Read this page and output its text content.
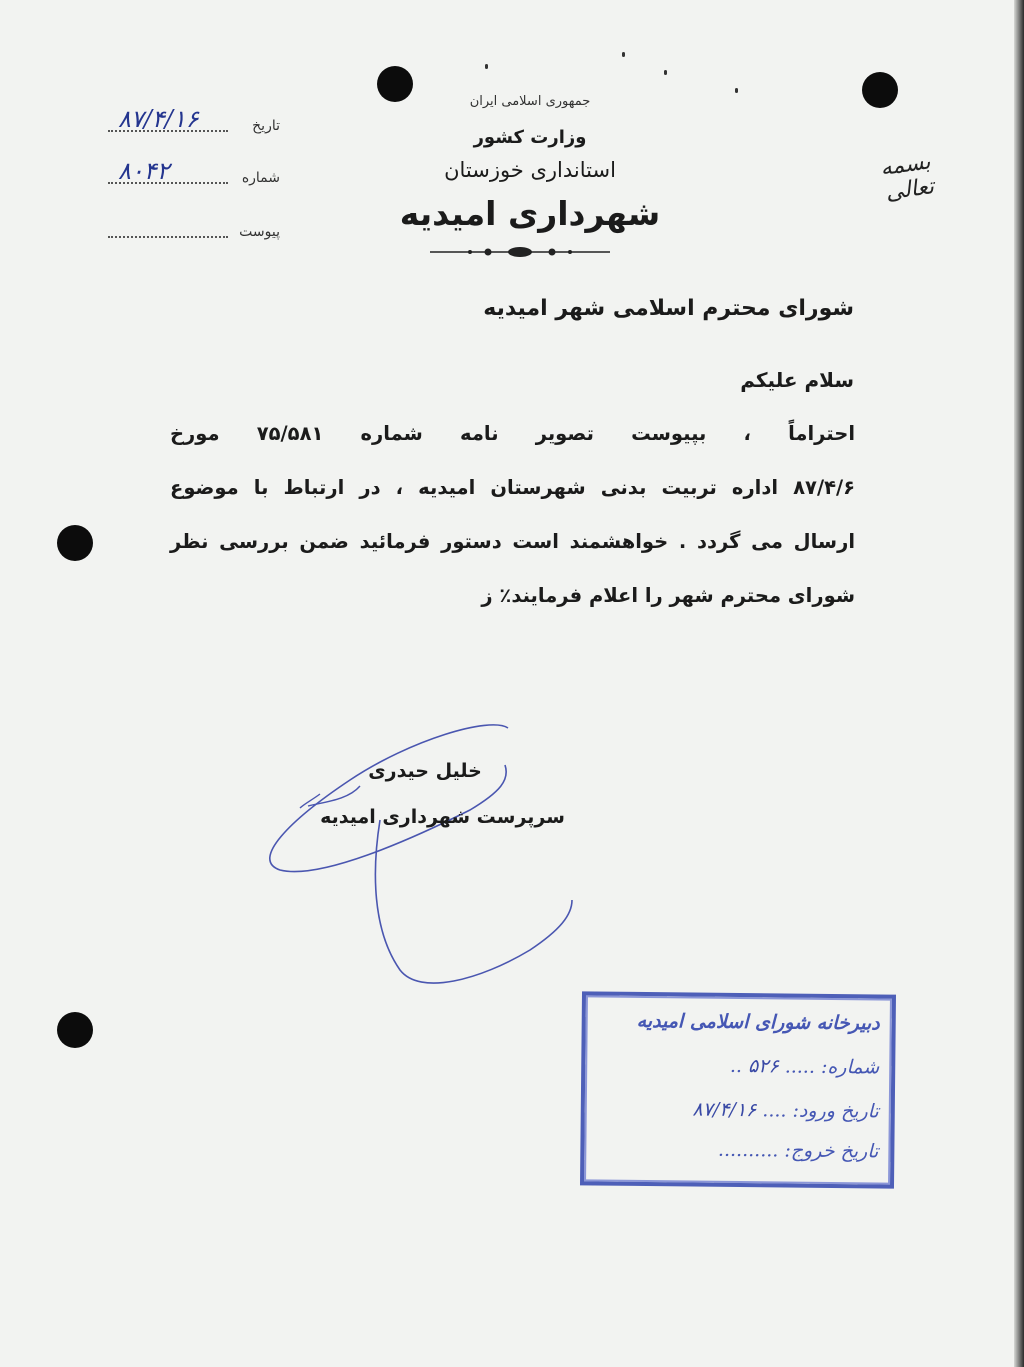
جمهوری اسلامی ایران
وزارت کشور
استانداری خوزستان
شهرداری امیدیه
بسمه تعالی
۸۷/۴/۱۶	تاریخ
۸۰۴۲	شماره
پیوست
شورای محترم اسلامی شهر امیدیه
سلام علیکم
احتراماً ، بپیوست تصویر نامه شماره ۷۵/۵۸۱ مورخ
۸۷/۴/۶ اداره تربیت بدنی شهرستان امیدیه ، در ارتباط با موضوع
ارسال می گردد . خواهشمند است دستور فرمائید ضمن بررسی نظر
شورای محترم شهر را اعلام فرمایند٪ ز
خلیل حیدری
سرپرست شهرداری امیدیه
دبیرخانه شورای اسلامی امیدیه
شماره: ..... ۵۲۶ ..
تاریخ ورود: .... ۸۷/۴/۱۶
تاریخ خروج: ..........
